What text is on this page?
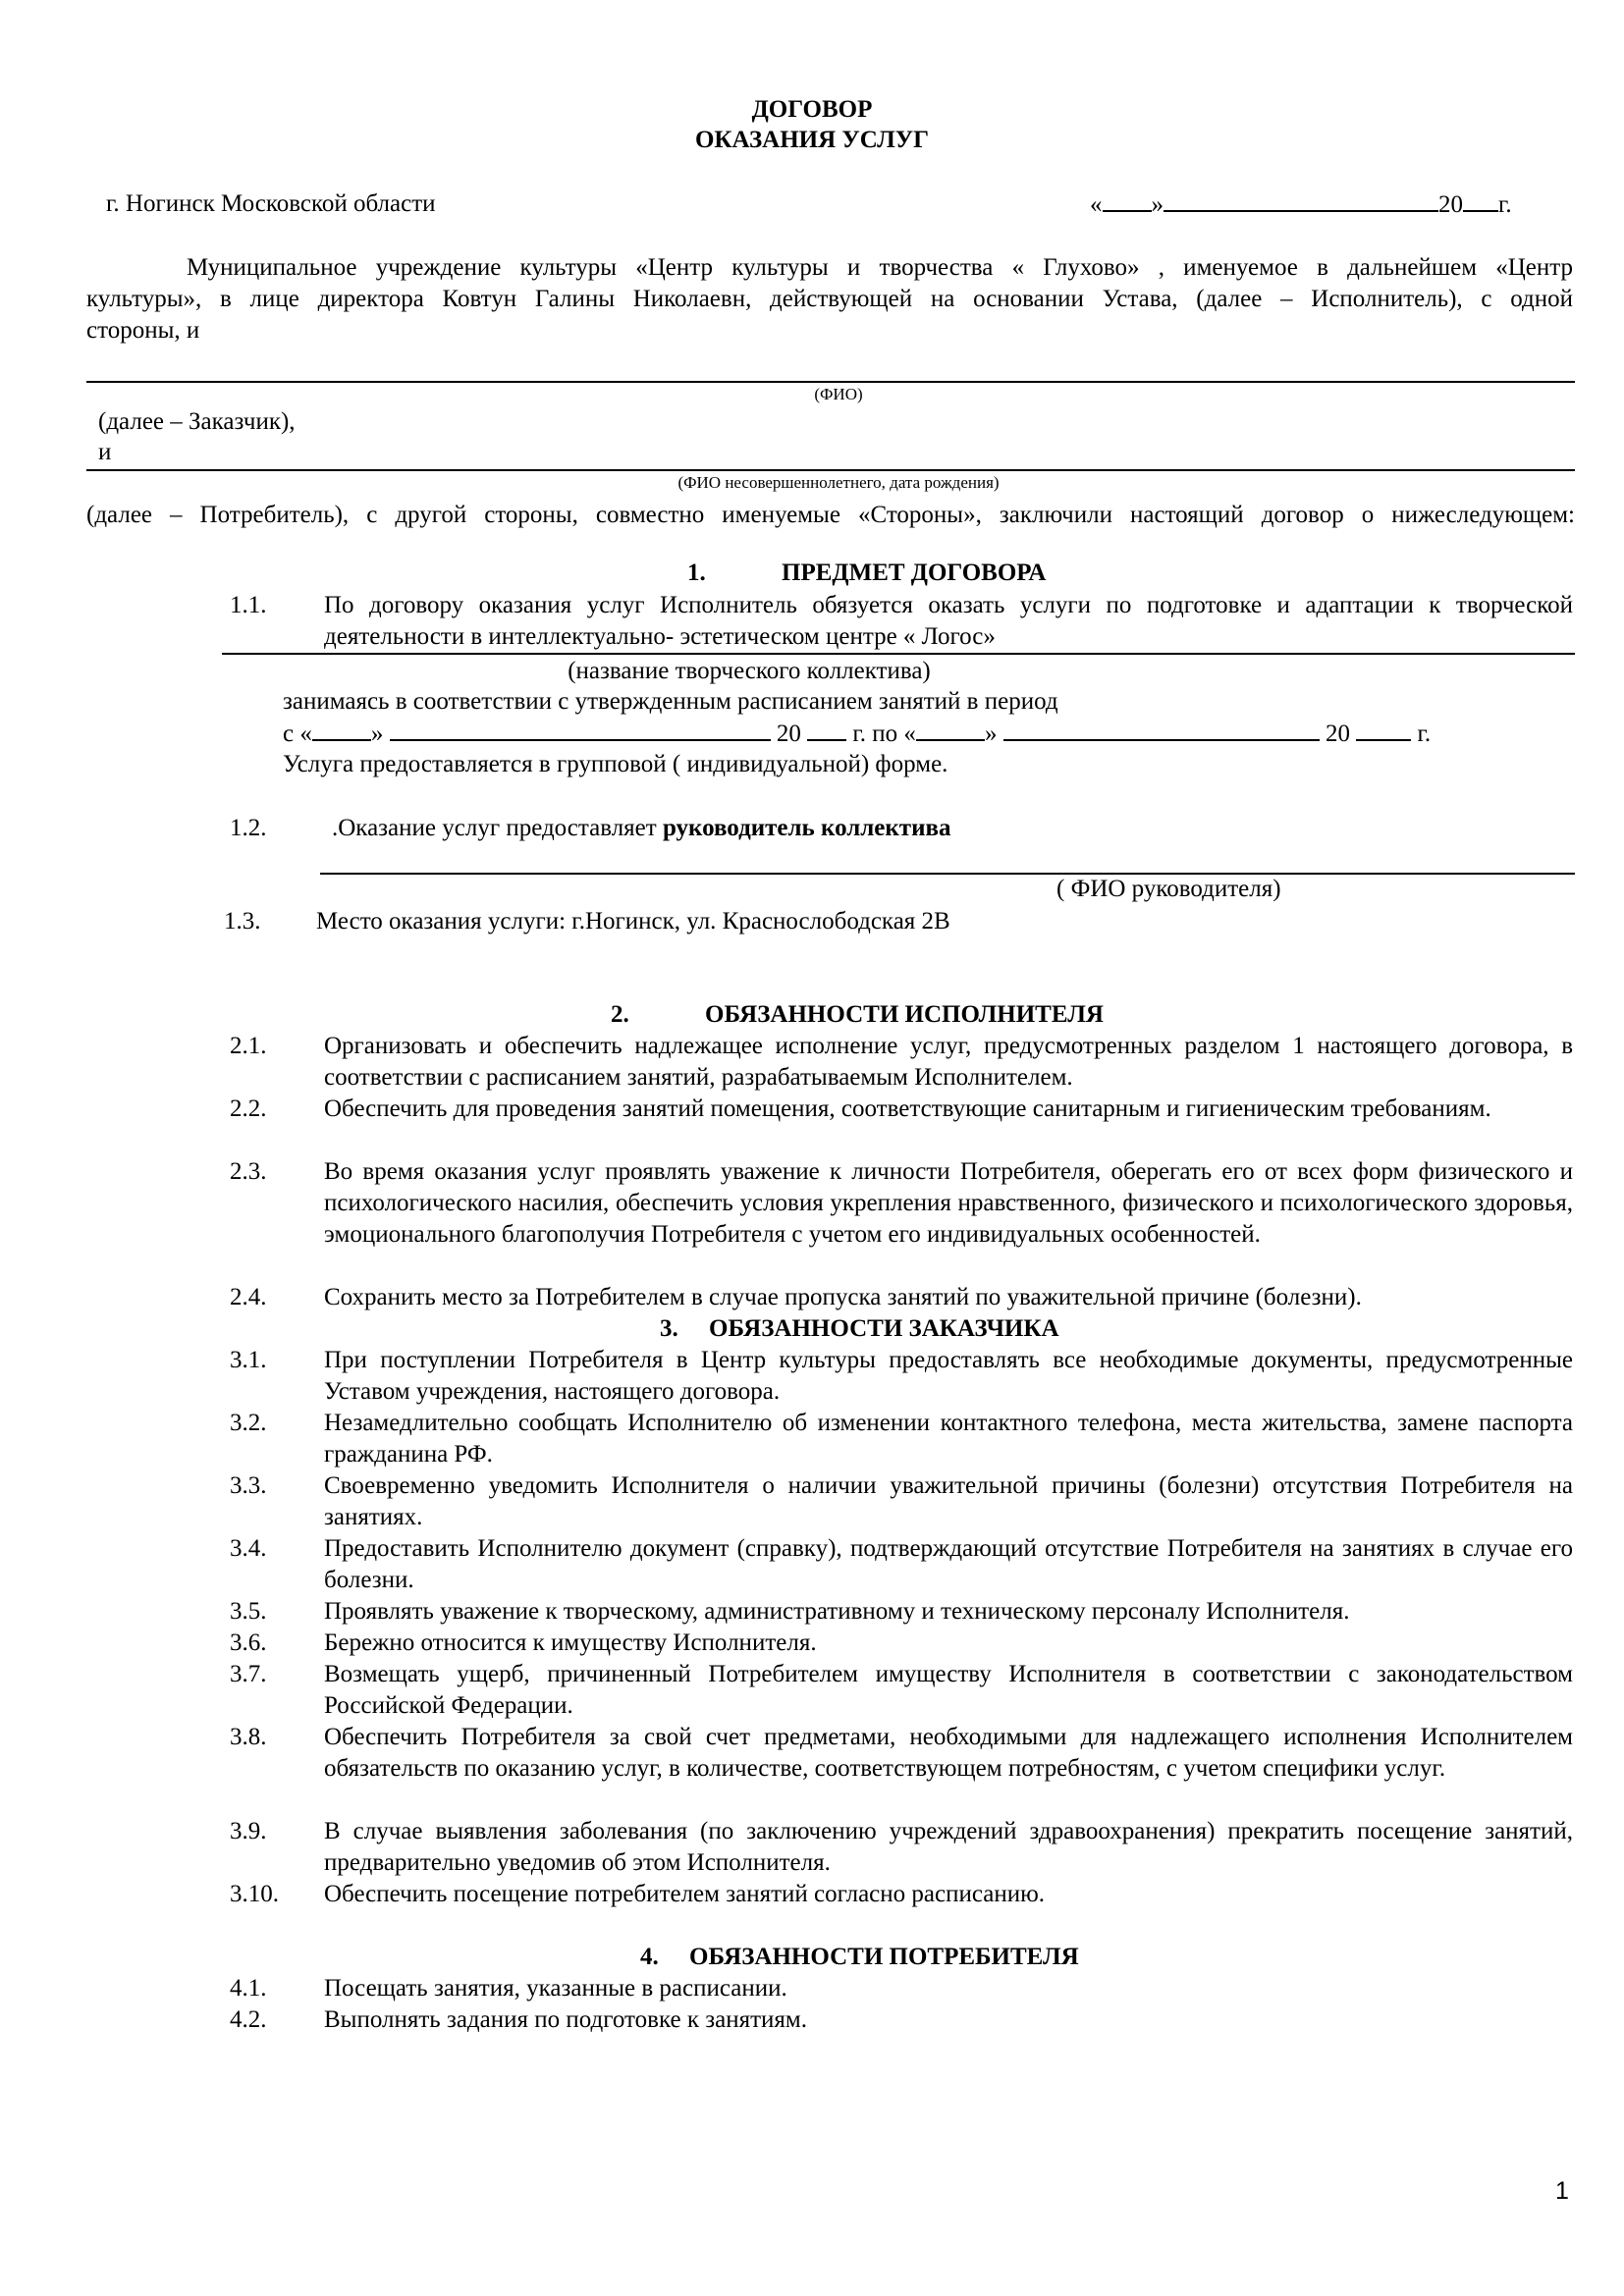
ДОГОВОР
ОКАЗАНИЯ УСЛУГ
г. Ногинск Московской области	« »	20 г.
Муниципальное учреждение культуры «Центр культуры и творчества « Глухово» , именуемое в дальнейшем «Центр
культуры», в лице директора Ковтун Галины Николаевн, действующей на основании Устава, (далее – Исполнитель), с одной
стороны, и
(ФИО)
(далее – Заказчик),
и
(ФИО несовершеннолетнего, дата рождения)
(далее – Потребитель), с другой стороны, совместно именуемые «Стороны», заключили настоящий договор о нижеследующем:
1.	ПРЕДМЕТ ДОГОВОРА
1.1.	По договору оказания услуг Исполнитель обязуется оказать услуги по подготовке и адаптации к творческой
деятельности в интеллектуально- эстетическом центре « Логос»
(название творческого коллектива)
занимаясь в соответствии с утвержденным расписанием занятий в период
с « »	20 г. по «	»	20	г.
Услуга предоставляется в групповой ( индивидуальной) форме.
1.2.	.Оказание услуг предоставляет руководитель коллектива
( ФИО руководителя)
1.3.	Место оказания услуги: г.Ногинск, ул. Краснослободская 2В
2.	ОБЯЗАННОСТИ ИСПОЛНИТЕЛЯ
2.1.	Организовать и обеспечить надлежащее исполнение услуг, предусмотренных разделом 1 настоящего договора, в соответствии с расписанием занятий, разрабатываемым Исполнителем.
2.2.	Обеспечить для проведения занятий помещения, соответствующие санитарным и гигиеническим требованиям.
2.3.	Во время оказания услуг проявлять уважение к личности Потребителя, оберегать его от всех форм физического и психологического насилия, обеспечить условия укрепления нравственного, физического и психологического здоровья, эмоционального благополучия Потребителя с учетом его индивидуальных особенностей.
2.4.	Сохранить место за Потребителем в случае пропуска занятий по уважительной причине (болезни).
3. ОБЯЗАННОСТИ ЗАКАЗЧИКА
3.1.	При поступлении Потребителя в Центр культуры предоставлять все необходимые документы, предусмотренные Уставом учреждения, настоящего договора.
3.2.	Незамедлительно сообщать Исполнителю об изменении контактного телефона, места жительства, замене паспорта гражданина РФ.
3.3.	Своевременно уведомить Исполнителя о наличии уважительной причины (болезни) отсутствия Потребителя на занятиях.
3.4.	Предоставить Исполнителю документ (справку), подтверждающий отсутствие Потребителя на занятиях в случае его болезни.
3.5.	Проявлять уважение к творческому, административному и техническому персоналу Исполнителя.
3.6.	Бережно относится к имуществу Исполнителя.
3.7.	Возмещать ущерб, причиненный Потребителем имуществу Исполнителя в соответствии с законодательством Российской Федерации.
3.8.	Обеспечить Потребителя за свой счет предметами, необходимыми для надлежащего исполнения Исполнителем обязательств по оказанию услуг, в количестве, соответствующем потребностям, с учетом специфики услуг.
3.9.	В случае выявления заболевания (по заключению учреждений здравоохранения) прекратить посещение занятий, предварительно уведомив об этом Исполнителя.
3.10.	Обеспечить посещение потребителем занятий согласно расписанию.
4. ОБЯЗАННОСТИ ПОТРЕБИТЕЛЯ
4.1.	Посещать занятия, указанные в расписании.
4.2.	Выполнять задания по подготовке к занятиям.
1
